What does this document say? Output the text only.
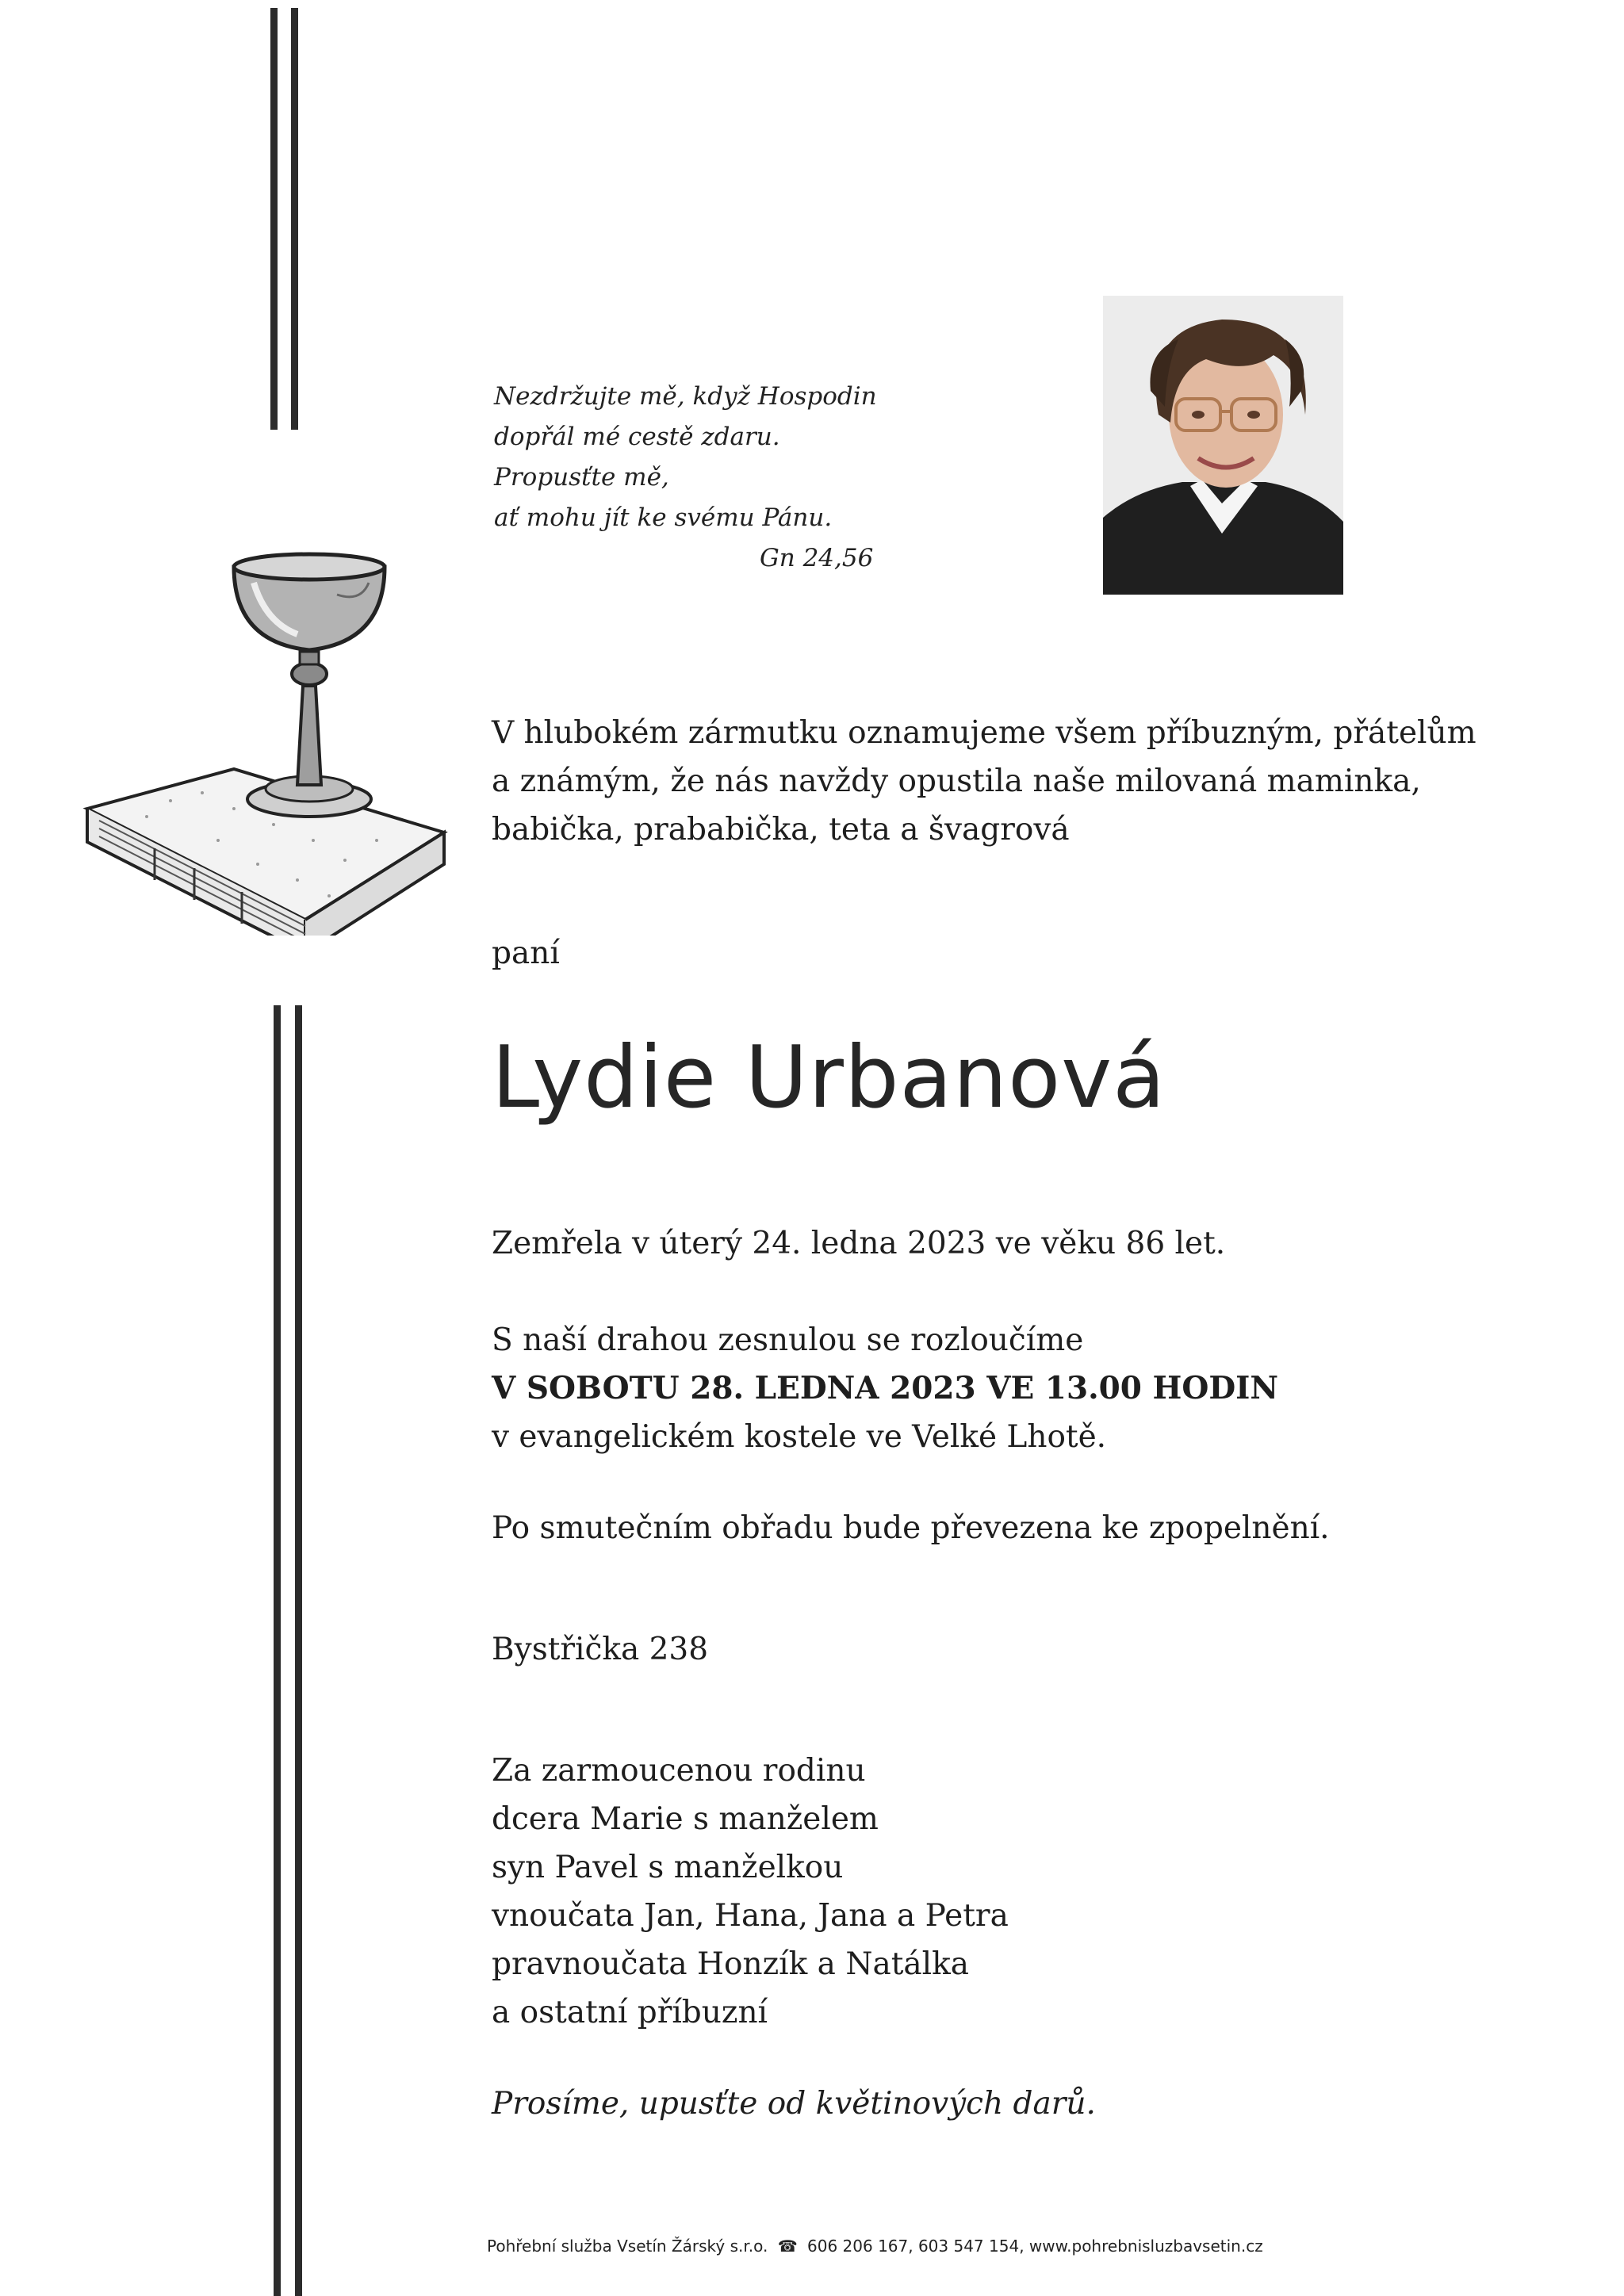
Nezdržujte mě, když Hospodin
dopřál mé cestě zdaru.
Propusťte mě,
ať mohu jít ke svému Pánu.
Gn 24,56
V hlubokém zármutku oznamujeme všem příbuzným, přátelům
a známým, že nás navždy opustila naše milovaná maminka,
babička, prababička, teta a švagrová
paní
Lydie Urbanová
Zemřela v úterý 24. ledna 2023 ve věku 86 let.
S naší drahou zesnulou se rozloučíme
V SOBOTU 28. LEDNA 2023 VE 13.00 HODIN
v evangelickém kostele ve Velké Lhotě.
Po smutečním obřadu bude převezena ke zpopelnění.
Bystřička 238
Za zarmoucenou rodinu
dcera Marie s manželem
syn Pavel s manželkou
vnoučata Jan, Hana, Jana a Petra
pravnoučata Honzík a Natálka
a ostatní příbuzní
Prosíme, upusťte od květinových darů.
Pohřební služba Vsetín Žárský s.r.o. ☎ 606 206 167, 603 547 154, www.pohrebnisluzbavsetin.cz
